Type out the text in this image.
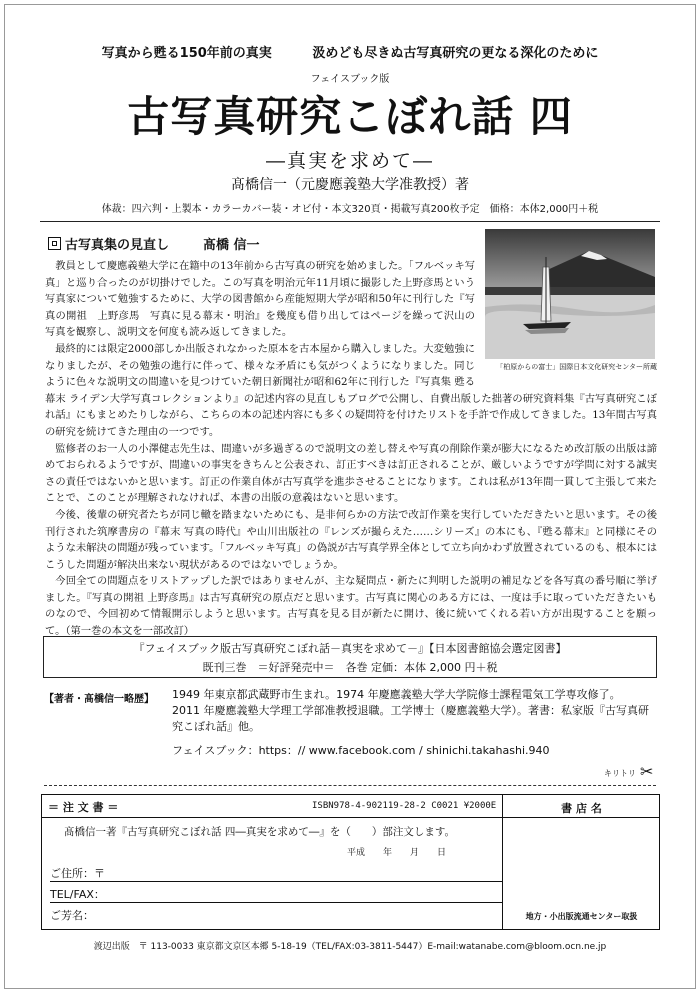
写真から甦る150年前の真実	汲めども尽きぬ古写真研究の更なる深化のために
フェイスブック版
古写真研究こぼれ話 四
―真実を求めて―
髙橋信一（元慶應義塾大学准教授）著
体裁：四六判・上製本・カラーカバー装・オビ付・本文320頁・掲載写真200枚予定　価格：本体2,000円＋税
古写真集の見直し	髙橋 信一
「柏原からの富士」国際日本文化研究センター所蔵

教員として慶應義塾大学に在籍中の13年前から古写真の研究を始めました。「フルベッキ写真」と巡り合ったのが切掛けでした。この写真を明治元年11月頃に撮影した上野彦馬という写真家について勉強するために、大学の図書館から産能短期大学が昭和50年に刊行した『写真の開祖　上野彦馬　写真に見る幕末・明治』を幾度も借り出してはページを繰って沢山の写真を観察し、説明文を何度も読み返してきました。

最終的には限定2000部しか出版されなかった原本を古本屋から購入しました。大変勉強になりましたが、その勉強の進行に伴って、様々な矛盾にも気がつくようになりました。同じように色々な説明文の間違いを見つけていた朝日新聞社が昭和62年に刊行した『写真集 甦る幕末 ライデン大学写真コレクションより』の記述内容の見直しもブログで公開し、自費出版した拙著の研究資料集『古写真研究こぼれ話』にもまとめたりしながら、こちらの本の記述内容にも多くの疑問符を付けたリストを手許で作成してきました。13年間古写真の研究を続けてきた理由の一つです。

監修者のお一人の小澤健志先生は、間違いが多過ぎるので説明文の差し替えや写真の削除作業が膨大になるため改訂版の出版は諦めておられるようですが、間違いの事実をきちんと公表され、訂正すべきは訂正されることが、厳しいようですが学問に対する誠実さの責任ではないかと思います。訂正の作業自体が古写真学を進歩させることになります。これは私が13年間一貫して主張して来たことで、このことが理解されなければ、本書の出版の意義はないと思います。

今後、後輩の研究者たちが同じ轍を踏まないためにも、是非何らかの方法で改訂作業を実行していただきたいと思います。その後刊行された筑摩書房の『幕末 写真の時代』や山川出版社の『レンズが撮らえた……シリーズ』の本にも、『甦る幕末』と同様にそのような未解決の問題が残っています。「フルベッキ写真」の偽説が古写真学界全体として立ち向かわず放置されているのも、根本にはこうした問題が解決出来ない現状があるのではないでしょうか。

今回全ての問題点をリストアップした訳ではありませんが、主な疑問点・新たに判明した説明の補足などを各写真の番号順に挙げました。『写真の開祖 上野彦馬』は古写真研究の原点だと思います。古写真に関心のある方には、一度は手に取っていただきたいものなので、今回初めて情報開示しようと思います。古写真を見る目が新たに開け、後に続いてくれる若い方が出現することを願って。（第一巻の本文を一部改訂）

『フェイスブック版古写真研究こぼれ話－真実を求めて－』【日本図書館協会選定図書】
既刊三巻　＝好評発売中＝　各巻 定価：本体 2,000 円＋税
【著者・髙橋信一略歴】 1949 年東京都武蔵野市生まれ。1974 年慶應義塾大学大学院修士課程電気工学専攻修了。
2011 年慶應義塾大学理工学部准教授退職。工学博士（慶應義塾大学）。著書：私家版『古写真研究こぼれ話』他。
フェイスブック：https：// www.facebook.com / shinichi.takahashi.940
キリトリ ✂
＝ 注 文 書 ＝	ISBN978-4-902119-28-2 C0021 ¥2000E
髙橋信一著『古写真研究こぼれ話 四―真実を求めて―』を（　　）部注文します。
平成　　年　　月　　日
ご住所：〒
TEL/FAX：
ご芳名：
書 店 名
地方・小出版流通センター取扱
渡辺出版 〒 113-0033 東京都文京区本郷 5-18-19（TEL/FAX:03-3811-5447）E-mail:watanabe.com@bloom.ocn.ne.jp
